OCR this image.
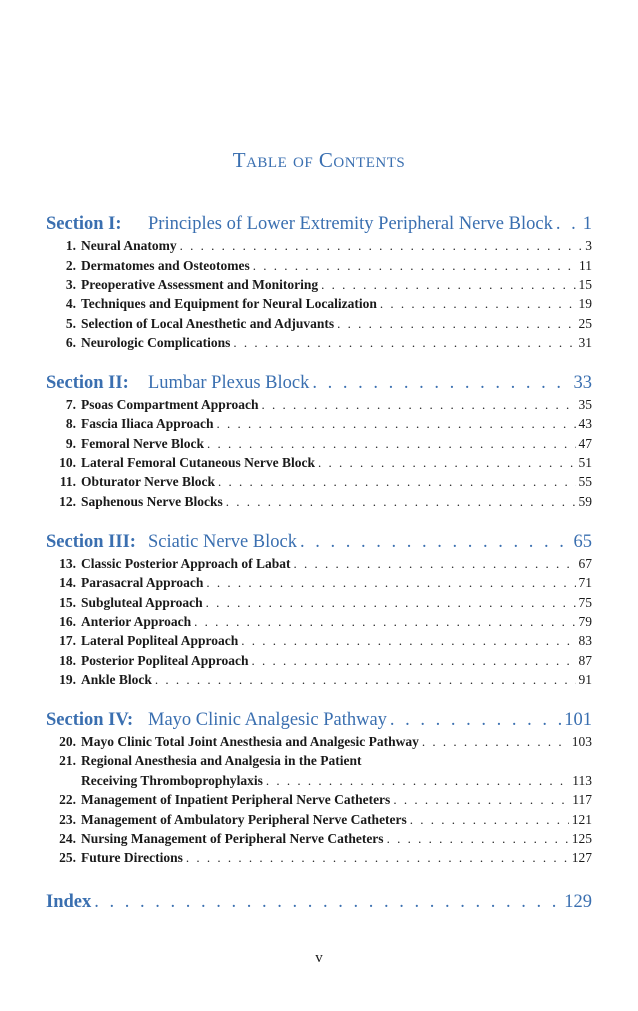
Table of Contents
Section I:	Principles of Lower Extremity Peripheral Nerve Block . . . 1
1. Neural Anatomy . . .	3
2. Dermatomes and Osteotomes . . .	11
3. Preoperative Assessment and Monitoring . . .	15
4. Techniques and Equipment for Neural Localization . . .	19
5. Selection of Local Anesthetic and Adjuvants . . .	25
6. Neurologic Complications . . .	31
Section II:	Lumbar Plexus Block . . .	33
7. Psoas Compartment Approach . . .	35
8. Fascia Iliaca Approach . . .	43
9. Femoral Nerve Block . . .	47
10. Lateral Femoral Cutaneous Nerve Block . . .	51
11. Obturator Nerve Block . . .	55
12. Saphenous Nerve Blocks . . .	59
Section III: Sciatic Nerve Block . . .	65
13. Classic Posterior Approach of Labat . . .	67
14. Parasacral Approach . . .	71
15. Subgluteal Approach . . .	75
16. Anterior Approach . . .	79
17. Lateral Popliteal Approach . . .	83
18. Posterior Popliteal Approach . . .	87
19. Ankle Block . . .	91
Section IV: Mayo Clinic Analgesic Pathway . . .	101
20. Mayo Clinic Total Joint Anesthesia and Analgesic Pathway . . .	103
21. Regional Anesthesia and Analgesia in the Patient
Receiving Thromboprophylaxis . . .	113
22. Management of Inpatient Peripheral Nerve Catheters . . .	117
23. Management of Ambulatory Peripheral Nerve Catheters . . .	121
24. Nursing Management of Peripheral Nerve Catheters . . .	125
25. Future Directions . . .	127
Index . . .	129
v
